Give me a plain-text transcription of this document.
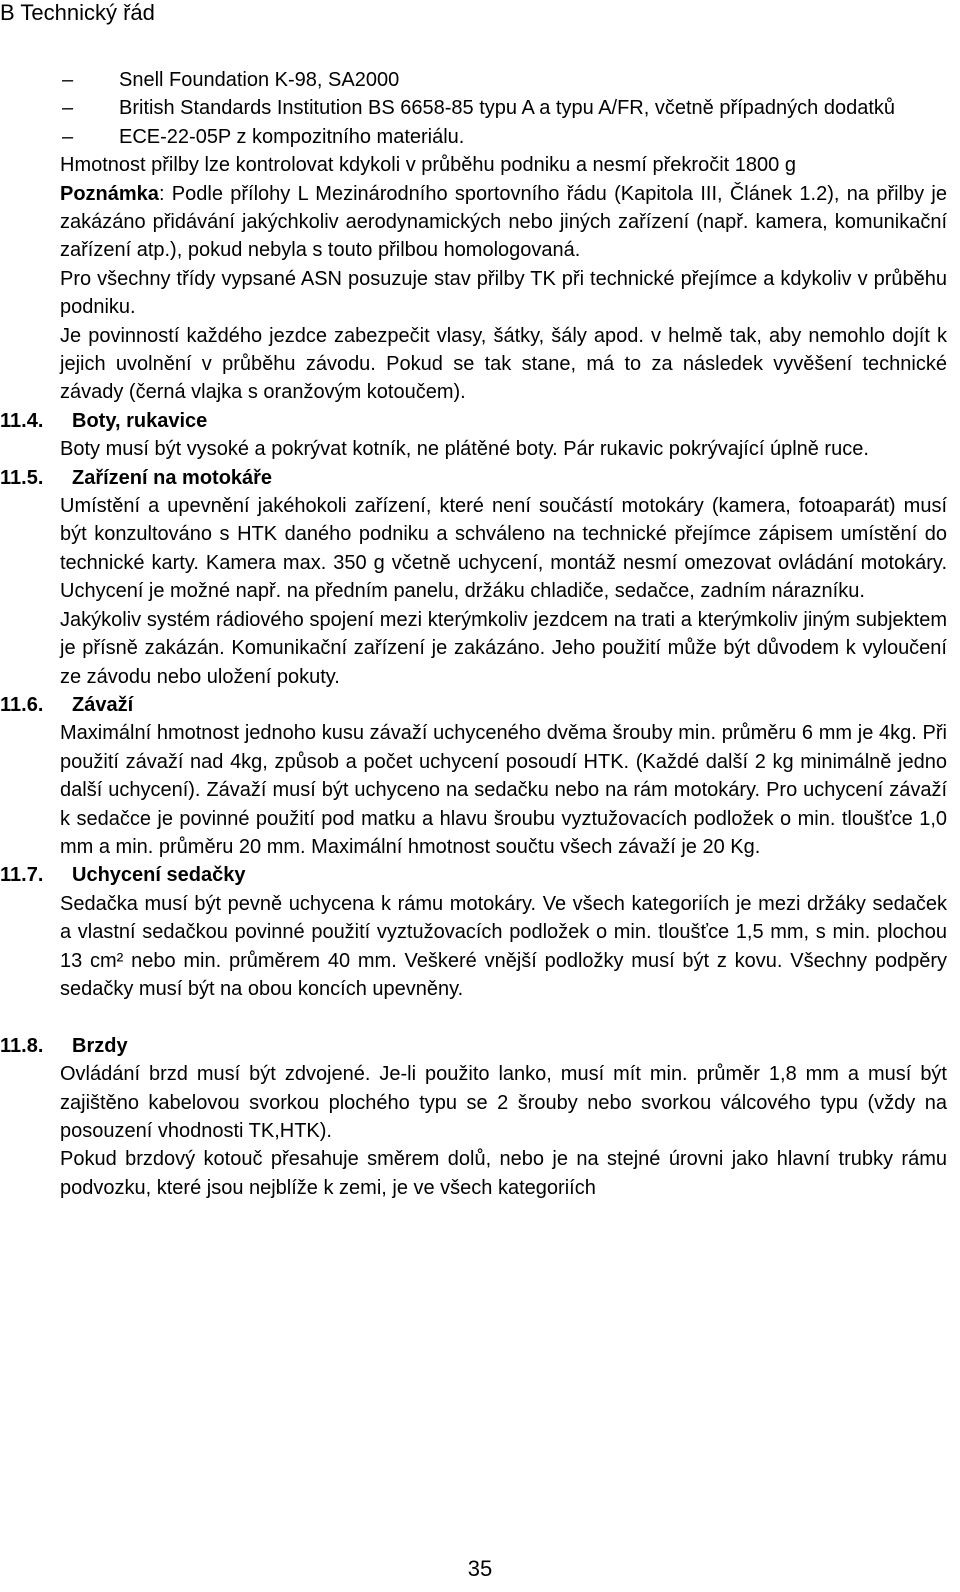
B Technický řád
– Snell Foundation K-98, SA2000
– British Standards Institution BS 6658-85 typu A a typu A/FR, včetně případných dodatků
– ECE-22-05P z kompozitního materiálu.

Hmotnost přilby lze kontrolovat kdykoli v průběhu podniku a nesmí překročit 1800 g

Poznámka: Podle přílohy L Mezinárodního sportovního řádu (Kapitola III, Článek 1.2), na přilby je zakázáno přidávání jakýchkoliv aerodynamických nebo jiných zařízení (např. kamera, komunikační zařízení atp.), pokud nebyla s touto přilbou homologovaná.

Pro všechny třídy vypsané ASN posuzuje stav přilby TK při technické přejímce a kdykoliv v průběhu podniku.

Je povinností každého jezdce zabezpečit vlasy, šátky, šály apod. v helmě tak, aby nemohlo dojít k jejich uvolnění v průběhu závodu. Pokud se tak stane, má to za následek vyvěšení technické závady (černá vlajka s oranžovým kotoučem).

11.4. Boty, rukavice

Boty musí být vysoké a pokrývat kotník, ne plátěné boty. Pár rukavic pokrývající úplně ruce.

11.5. Zařízení na motokáře

Umístění a upevnění jakéhokoli zařízení, které není součástí motokáry (kamera, fotoaparát) musí být konzultováno s HTK daného podniku a schváleno na technické přejímce zápisem umístění do technické karty. Kamera max. 350 g včetně uchycení, montáž nesmí omezovat ovládání motokáry. Uchycení je možné např. na předním panelu, držáku chladiče, sedačce, zadním nárazníku.

Jakýkoliv systém rádiového spojení mezi kterýmkoliv jezdcem na trati a kterýmkoliv jiným subjektem je přísně zakázán. Komunikační zařízení je zakázáno. Jeho použití může být důvodem k vyloučení ze závodu nebo uložení pokuty.

11.6. Závaží

Maximální hmotnost jednoho kusu závaží uchyceného dvěma šrouby min. průměru 6 mm je 4kg. Při použití závaží nad 4kg, způsob a počet uchycení posoudí HTK. (Každé další 2 kg minimálně jedno další uchycení). Závaží musí být uchyceno na sedačku nebo na rám motokáry. Pro uchycení závaží k sedačce je povinné použití pod matku a hlavu šroubu vyztužovacích podložek o min. tloušťce 1,0 mm a min. průměru 20 mm. Maximální hmotnost součtu všech závaží je 20 Kg.

11.7. Uchycení sedačky

Sedačka musí být pevně uchycena k rámu motokáry. Ve všech kategoriích je mezi držáky sedaček a vlastní sedačkou povinné použití vyztužovacích podložek o min. tloušťce 1,5 mm, s min. plochou 13 cm² nebo min. průměrem 40 mm. Veškeré vnější podložky musí být z kovu. Všechny podpěry sedačky musí být na obou koncích upevněny.

11.8. Brzdy

Ovládání brzd musí být zdvojené. Je-li použito lanko, musí mít min. průměr 1,8 mm a musí být zajištěno kabelovou svorkou plochého typu se 2 šrouby nebo svorkou válcového typu (vždy na posouzení vhodnosti TK,HTK).

Pokud brzdový kotouč přesahuje směrem dolů, nebo je na stejné úrovni jako hlavní trubky rámu podvozku, které jsou nejblíže k zemi, je ve všech kategoriích

35
